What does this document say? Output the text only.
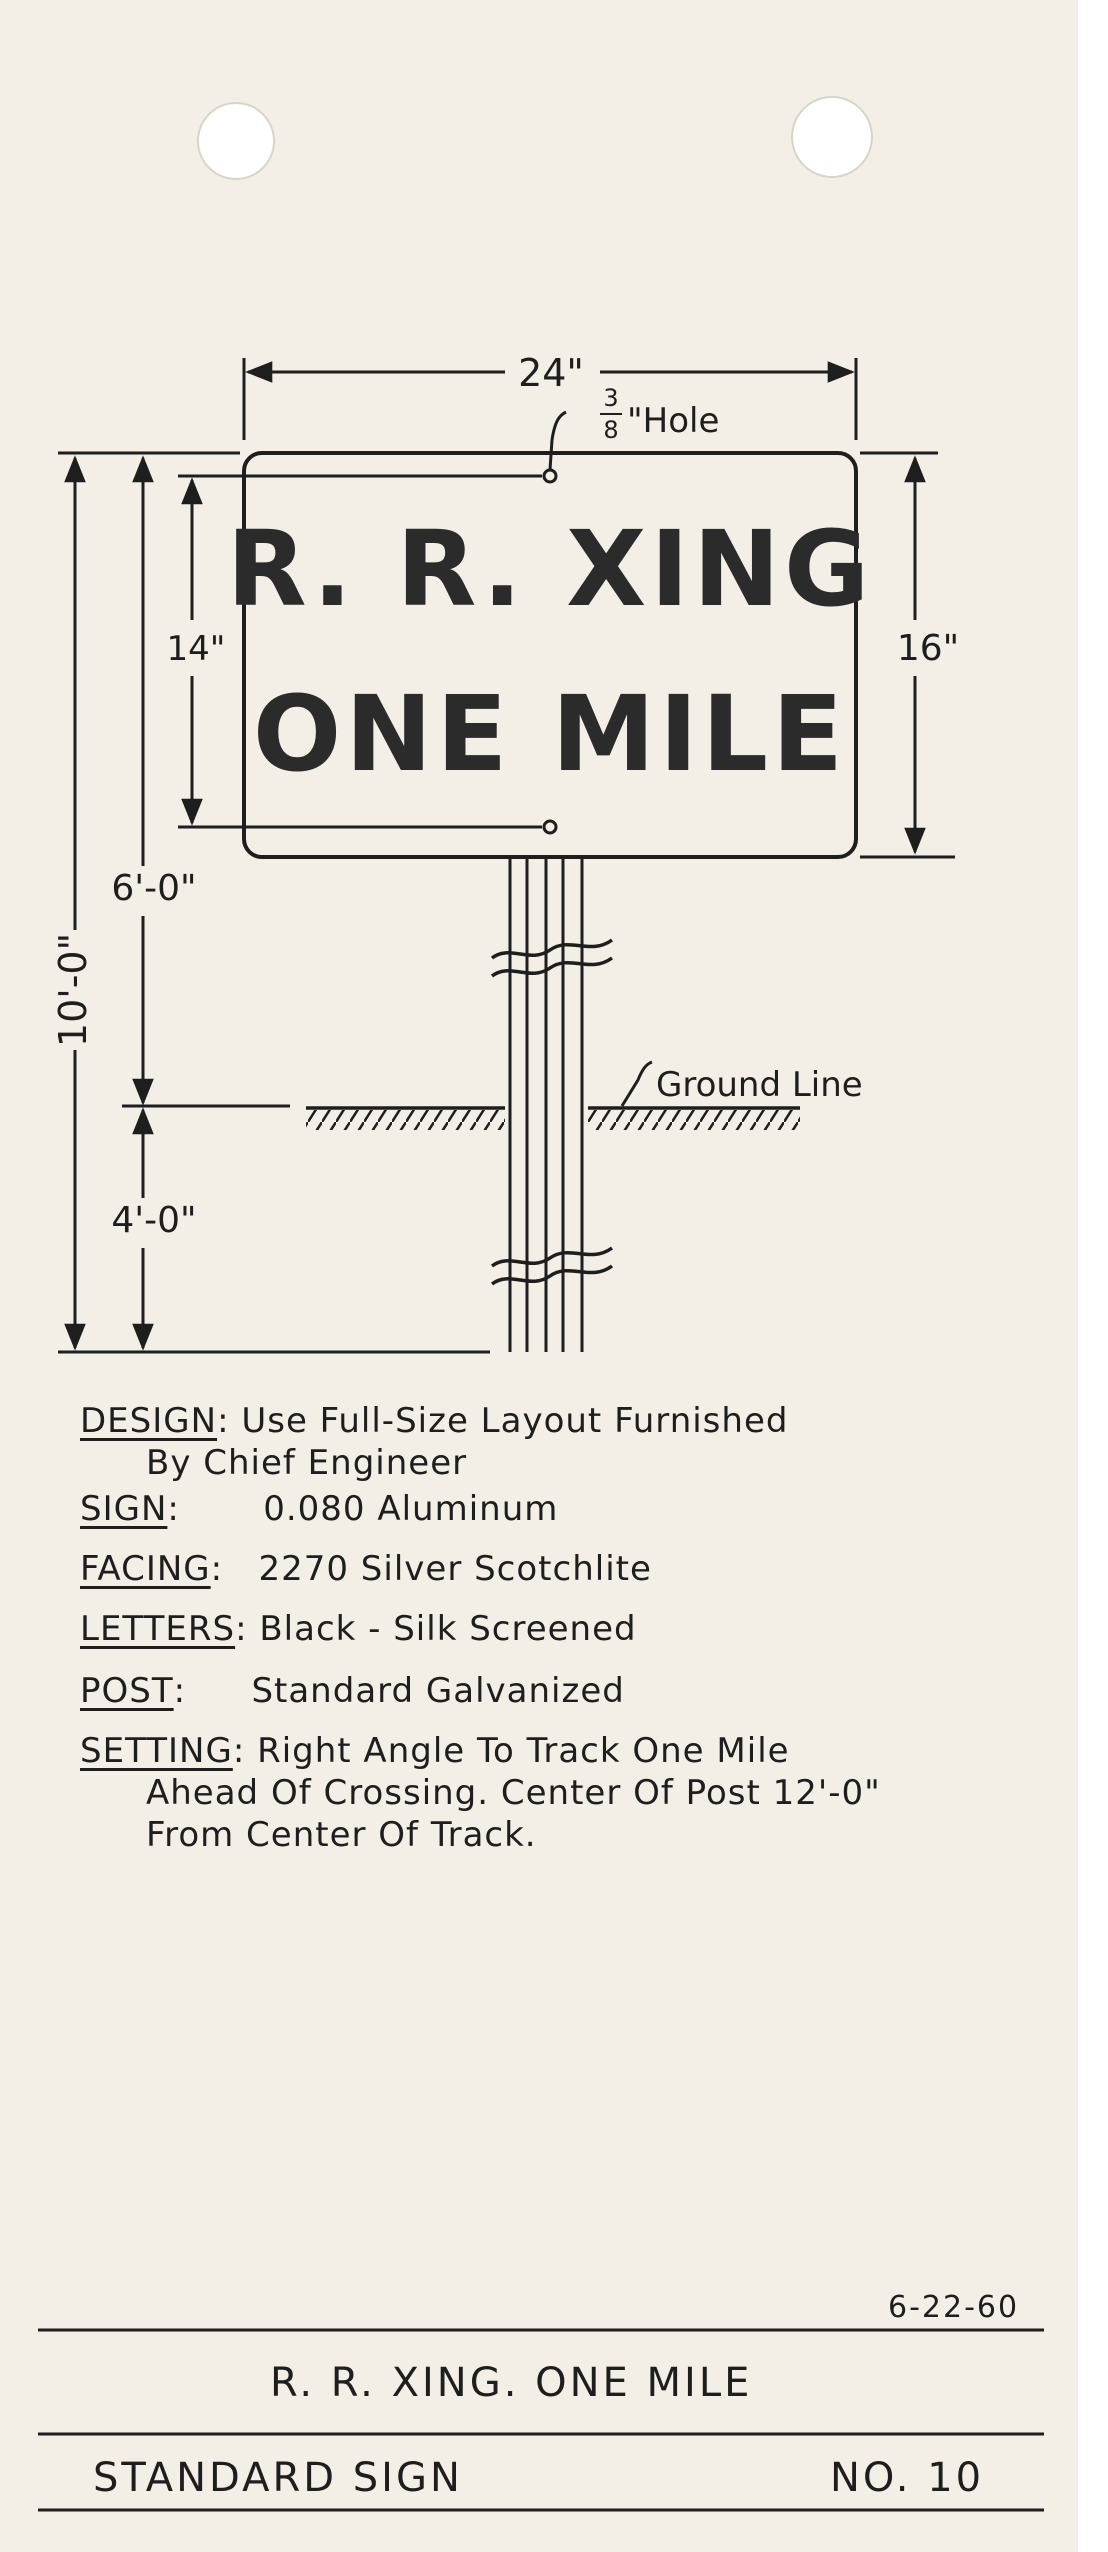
R. R. XING
ONE MILE
24"
3
8 "Hole
14"	16"
6'-0"
10'-0"
4'-0"
Ground Line
DESIGN: Use Full-Size Layout Furnished
By Chief Engineer
SIGN: 0.080 Aluminum
FACING: 2270 Silver Scotchlite
LETTERS: Black - Silk Screened
POST: Standard Galvanized
SETTING: Right Angle To Track One Mile
Ahead Of Crossing. Center Of Post 12'-0"
From Center Of Track.
6-22-60
R. R. XING. ONE MILE
STANDARD SIGN	NO. 10
